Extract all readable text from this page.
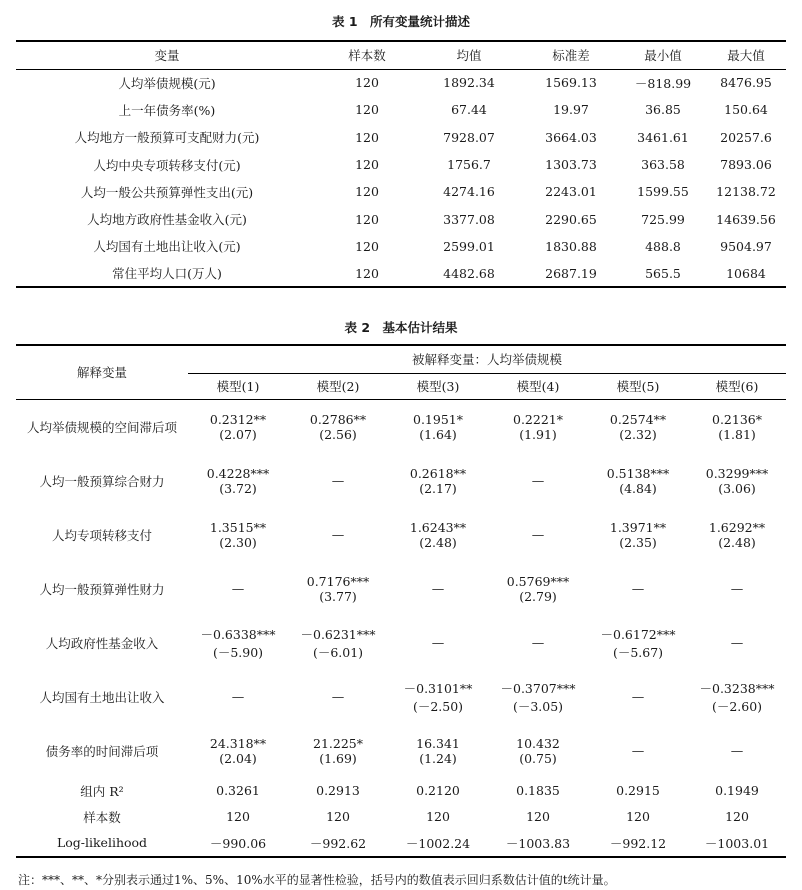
表 1　所有变量统计描述
变量	样本数	均值	标准差	最小值	最大值
人均举债规模(元)	120	1892.34	1569.13	－818.99	8476.95
上一年债务率(%)	120	67.44	19.97	36.85	150.64
人均地方一般预算可支配财力(元)	120	7928.07	3664.03	3461.61	20257.6
人均中央专项转移支付(元)	120	1756.7	1303.73	363.58	7893.06
人均一般公共预算弹性支出(元)	120	4274.16	2243.01	1599.55	12138.72
人均地方政府性基金收入(元)	120	3377.08	2290.65	725.99	14639.56
人均国有土地出让收入(元)	120	2599.01	1830.88	488.8	9504.97
常住平均人口(万人)	120	4482.68	2687.19	565.5	10684
表 2　基本估计结果
解释变量	被解释变量：人均举债规模					
	模型(1)	模型(2)	模型(3)	模型(4)	模型(5)	模型(6)
人均举债规模的空间滞后项	0.2312**	0.2786**	0.1951*	0.2221*	0.2574**	0.2136*
	(2.07)	(2.56)	(1.64)	(1.91)	(2.32)	(1.81)
人均一般预算综合财力	0.4228***	—	0.2618**	—	0.5138***	0.3299***
	(3.72)		(2.17)		(4.84)	(3.06)
人均专项转移支付	1.3515**	—	1.6243**	—	1.3971**	1.6292**
	(2.30)		(2.48)		(2.35)	(2.48)
人均一般预算弹性财力	—	0.7176***	—	0.5769***	—	—
		(3.77)		(2.79)		
人均政府性基金收入	－0.6338***	－0.6231***	—	—	－0.6172***	—
	(－5.90)	(－6.01)			(－5.67)	
人均国有土地出让收入	—	—	－0.3101**	－0.3707***	—	－0.3238***
			(－2.50)	(－3.05)		(－2.60)
债务率的时间滞后项	24.318**	21.225*	16.341	10.432	—	—
	(2.04)	(1.69)	(1.24)	(0.75)		
组内 R²	0.3261	0.2913	0.2120	0.1835	0.2915	0.1949
样本数	120	120	120	120	120	120
Log-likelihood	－990.06	－992.62	－1002.24	－1003.83	－992.12	－1003.01
注：***、**、*分别表示通过1%、5%、10%水平的显著性检验，括号内的数值表示回归系数估计值的t统计量。
